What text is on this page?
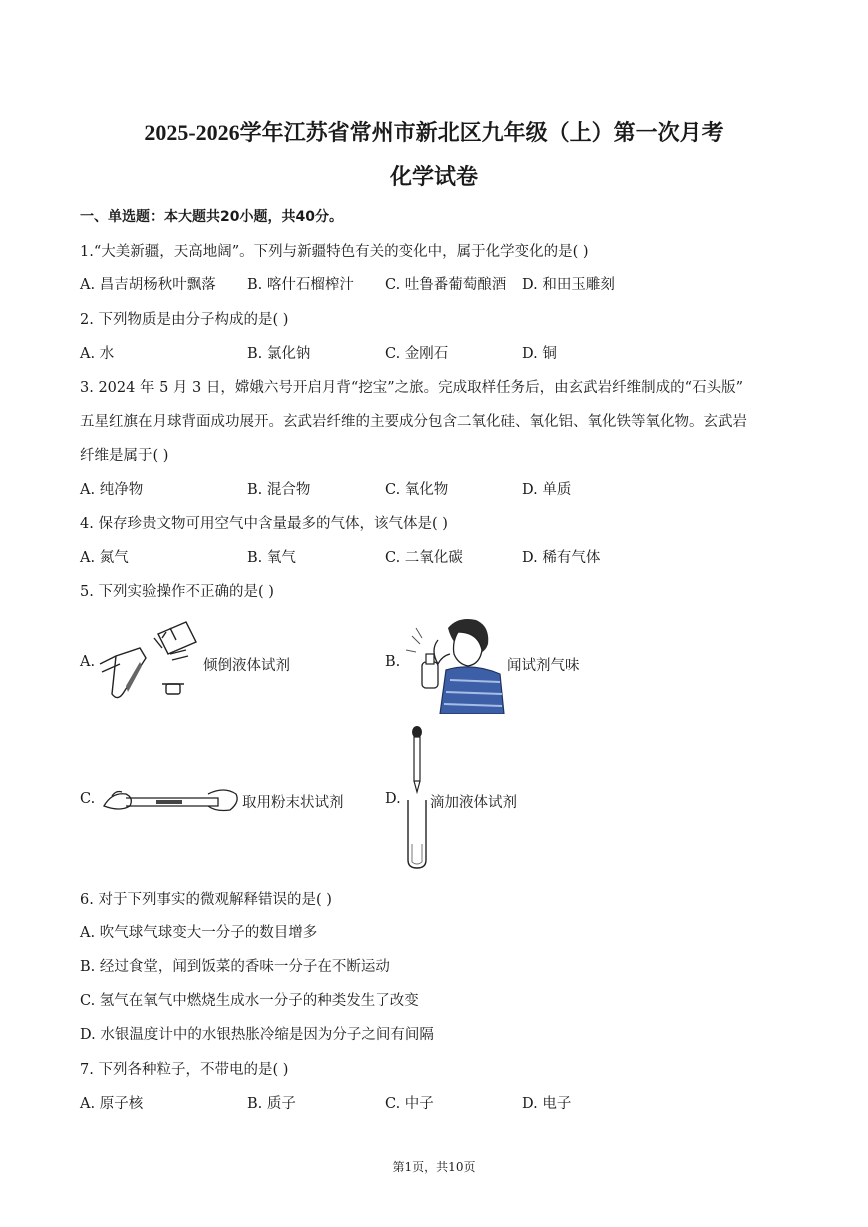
2025-2026学年江苏省常州市新北区九年级（上）第一次月考
化学试卷
一、单选题：本大题共20小题，共40分。
1.“大美新疆，天高地阔”。下列与新疆特色有关的变化中，属于化学变化的是( )
A. 昌吉胡杨秋叶飘落 B. 喀什石榴榨汁 C. 吐鲁番葡萄酿酒 D. 和田玉雕刻
2. 下列物质是由分子构成的是( )
A. 水	B. 氯化钠	C. 金刚石	D. 铜
3. 2024 年 5 月 3 日，嫦娥六号开启月背“挖宝”之旅。完成取样任务后，由玄武岩纤维制成的“石头版”
五星红旗在月球背面成功展开。玄武岩纤维的主要成分包含二氧化硅、氧化铝、氧化铁等氧化物。玄武岩
纤维是属于( )
A. 纯净物	B. 混合物	C. 氧化物	D. 单质
4. 保存珍贵文物可用空气中含量最多的气体，该气体是( )
A. 氮气	B. 氧气	C. 二氧化碳	D. 稀有气体
5. 下列实验操作不正确的是( )
A.	倾倒液体试剂	B.	闻试剂气味
C.	取用粉末状试剂	D. 滴加液体试剂
6. 对于下列事实的微观解释错误的是( )
A. 吹气球气球变大一分子的数目增多
B. 经过食堂，闻到饭菜的香味一分子在不断运动
C. 氢气在氧气中燃烧生成水一分子的种类发生了改变
D. 水银温度计中的水银热胀冷缩是因为分子之间有间隔
7. 下列各种粒子，不带电的是( )
A. 原子核	B. 质子	C. 中子	D. 电子
第1页，共10页
